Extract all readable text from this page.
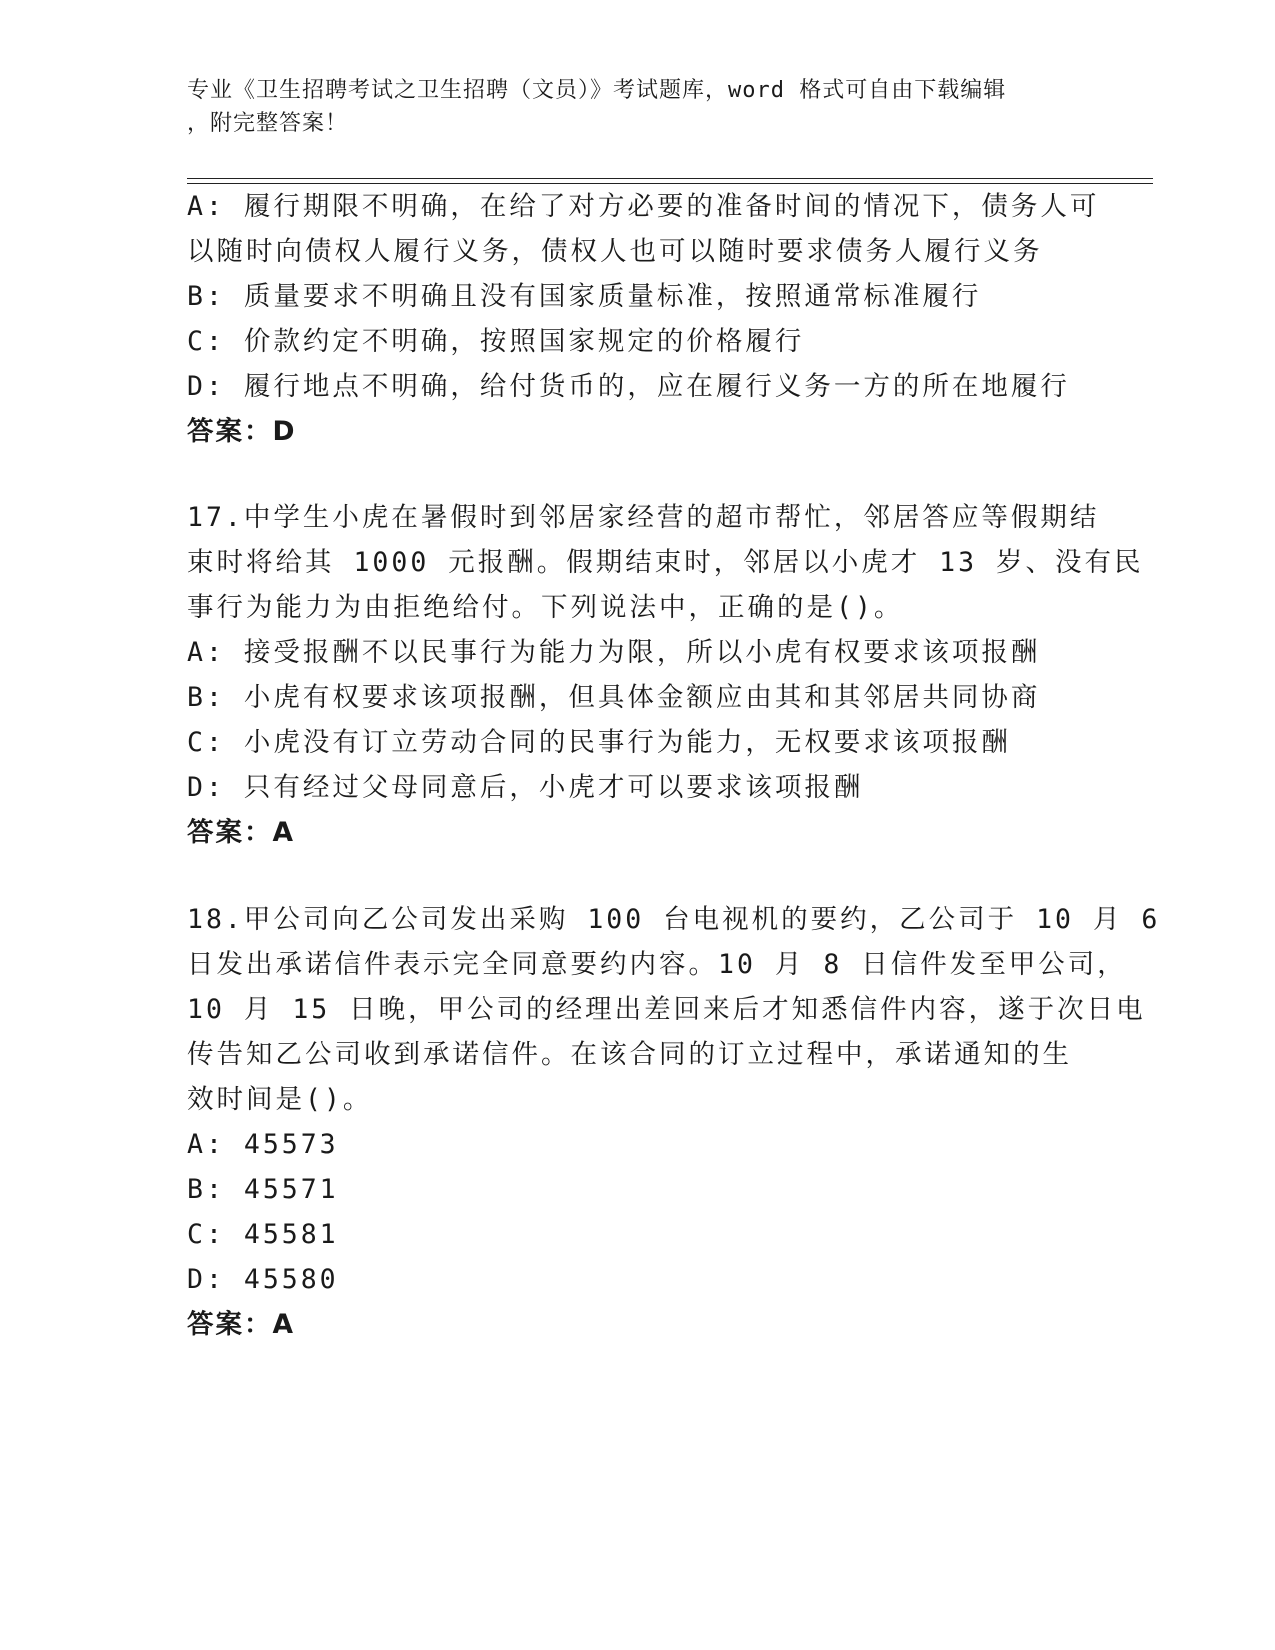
专业《卫生招聘考试之卫生招聘（文员）》考试题库，word 格式可自由下载编辑
，附完整答案！
A: 履行期限不明确，在给了对方必要的准备时间的情况下，债务人可
以随时向债权人履行义务，债权人也可以随时要求债务人履行义务
B: 质量要求不明确且没有国家质量标准，按照通常标准履行
C: 价款约定不明确，按照国家规定的价格履行
D: 履行地点不明确，给付货币的，应在履行义务一方的所在地履行
答案：D
17.中学生小虎在暑假时到邻居家经营的超市帮忙，邻居答应等假期结
束时将给其 1000 元报酬。假期结束时，邻居以小虎才 13 岁、没有民
事行为能力为由拒绝给付。下列说法中，正确的是()。
A: 接受报酬不以民事行为能力为限，所以小虎有权要求该项报酬
B: 小虎有权要求该项报酬，但具体金额应由其和其邻居共同协商
C: 小虎没有订立劳动合同的民事行为能力，无权要求该项报酬
D: 只有经过父母同意后，小虎才可以要求该项报酬
答案：A
18.甲公司向乙公司发出采购 100 台电视机的要约，乙公司于 10 月 6
日发出承诺信件表示完全同意要约内容。10 月 8 日信件发至甲公司，
10 月 15 日晚，甲公司的经理出差回来后才知悉信件内容，遂于次日电
传告知乙公司收到承诺信件。在该合同的订立过程中，承诺通知的生
效时间是()。
A: 45573
B: 45571
C: 45581
D: 45580
答案：A
